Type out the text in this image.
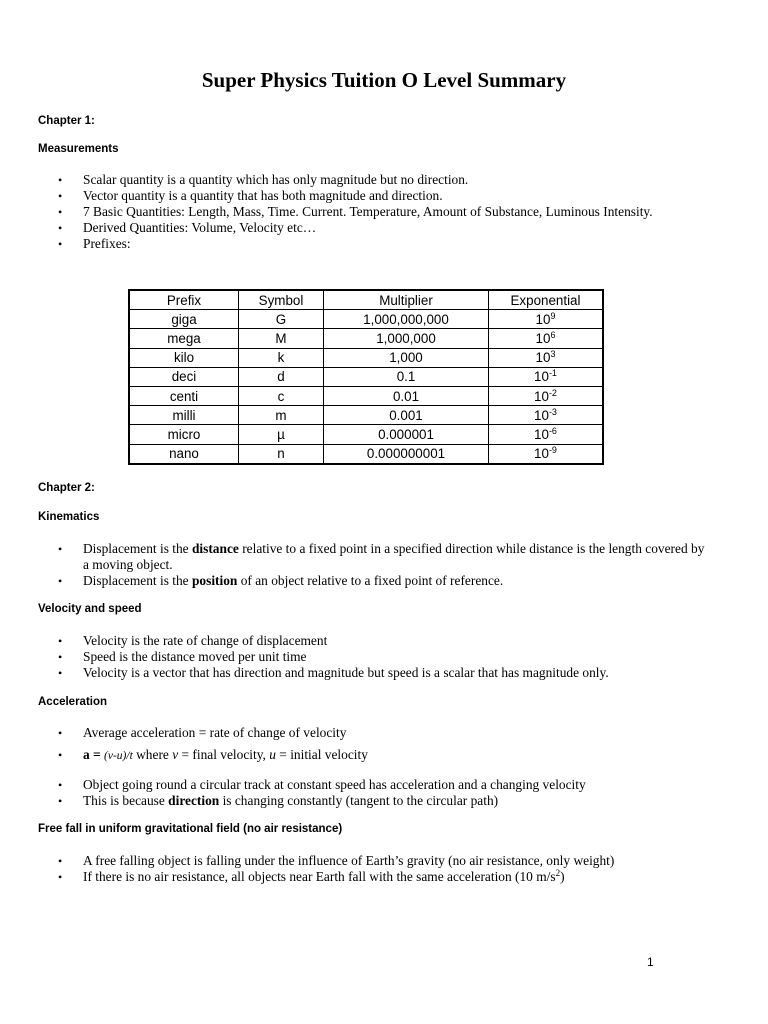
Super Physics Tuition O Level Summary

Chapter 1:

Measurements

• Scalar quantity is a quantity which has only magnitude but no direction.
• Vector quantity is a quantity that has both magnitude and direction.
• 7 Basic Quantities: Length, Mass, Time. Current. Temperature, Amount of Substance, Luminous Intensity.
• Derived Quantities: Volume, Velocity etc…
• Prefixes:
Prefix	Symbol	Multiplier	Exponential
giga	G	1,000,000,000	$10^9$
mega	M	1,000,000	$10^6$
kilo	k	1,000	$10^3$
deci	d	0.1	$10^{-1}$
centi	c	0.01	$10^{-2}$
milli	m	0.001	$10^{-3}$
micro	µ	0.000001	$10^{-6}$
nano	n	0.000000001	$10^{-9}$

Chapter 2:

Kinematics

• Displacement is the distance relative to a fixed point in a specified direction while distance is the length covered by a moving object.
• Displacement is the position of an object relative to a fixed point of reference.

Velocity and speed

• Velocity is the rate of change of displacement
• Speed is the distance moved per unit time
• Velocity is a vector that has direction and magnitude but speed is a scalar that has magnitude only.

Acceleration

• Average acceleration = rate of change of velocity
• a = (v-u)/t where v = final velocity, u = initial velocity
• Object going round a circular track at constant speed has acceleration and a changing velocity
• This is because direction is changing constantly (tangent to the circular path)

Free fall in uniform gravitational field (no air resistance)

• A free falling object is falling under the influence of Earth’s gravity (no air resistance, only weight)
• If there is no air resistance, all objects near Earth fall with the same acceleration (10 $m/s^2$)
1
